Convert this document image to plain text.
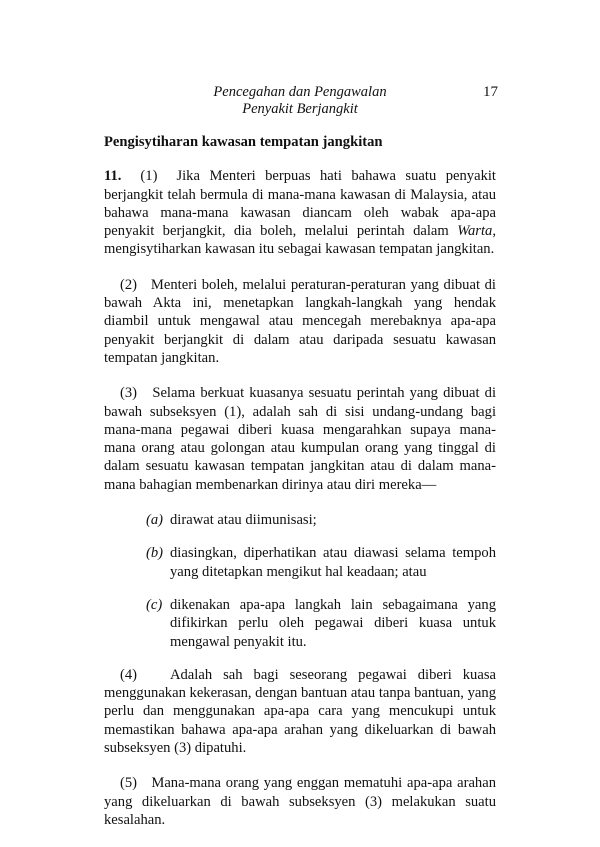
Pencegahan dan Pengawalan
Penyakit Berjangkit
17
Pengisytiharan kawasan tempatan jangkitan

11. (1) Jika Menteri berpuas hati bahawa suatu penyakit berjangkit telah bermula di mana-mana kawasan di Malaysia, atau bahawa mana-mana kawasan diancam oleh wabak apa-apa penyakit berjangkit, dia boleh, melalui perintah dalam Warta, mengisytiharkan kawasan itu sebagai kawasan tempatan jangkitan.

(2) Menteri boleh, melalui peraturan-peraturan yang dibuat di bawah Akta ini, menetapkan langkah-langkah yang hendak diambil untuk mengawal atau mencegah merebaknya apa-apa penyakit berjangkit di dalam atau daripada sesuatu kawasan tempatan jangkitan.

(3) Selama berkuat kuasanya sesuatu perintah yang dibuat di bawah subseksyen (1), adalah sah di sisi undang-undang bagi mana-mana pegawai diberi kuasa mengarahkan supaya mana-mana orang atau golongan atau kumpulan orang yang tinggal di dalam sesuatu kawasan tempatan jangkitan atau di dalam mana-mana bahagian membenarkan dirinya atau diri mereka—

(a) dirawat atau diimunisasi;
(b) diasingkan, diperhatikan atau diawasi selama tempoh yang ditetapkan mengikut hal keadaan; atau
(c) dikenakan apa-apa langkah lain sebagaimana yang difikirkan perlu oleh pegawai diberi kuasa untuk mengawal penyakit itu.

(4) Adalah sah bagi seseorang pegawai diberi kuasa menggunakan kekerasan, dengan bantuan atau tanpa bantuan, yang perlu dan menggunakan apa-apa cara yang mencukupi untuk memastikan bahawa apa-apa arahan yang dikeluarkan di bawah subseksyen (3) dipatuhi.

(5) Mana-mana orang yang enggan mematuhi apa-apa arahan yang dikeluarkan di bawah subseksyen (3) melakukan suatu kesalahan.
